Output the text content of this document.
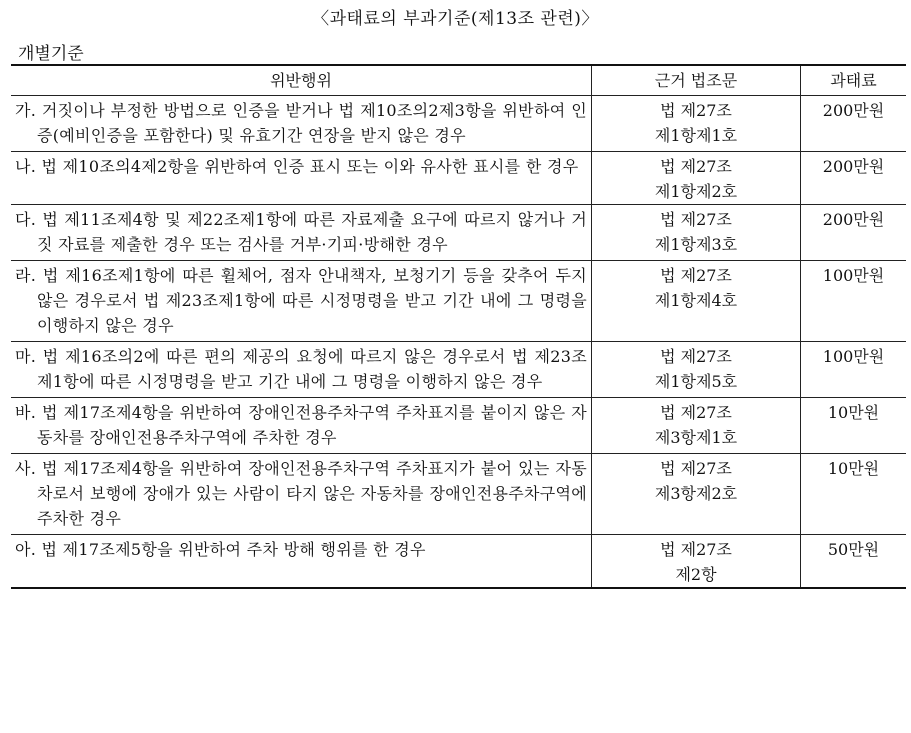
〈과태료의 부과기준(제13조 관련)〉
개별기준
위반행위	근거 법조문	과태료

가. 거짓이나 부정한 방법으로 인증을 받거나 법 제10조의2제3항을 위반하여 인증(예비인증을 포함한다) 및 유효기간 연장을 받지 않은 경우	법 제27조
제1항제1호	200만원

나. 법 제10조의4제2항을 위반하여 인증 표시 또는 이와 유사한 표시를 한 경우	법 제27조
제1항제2호	200만원

다. 법 제11조제4항 및 제22조제1항에 따른 자료제출 요구에 따르지 않거나 거짓 자료를 제출한 경우 또는 검사를 거부·기피·방해한 경우	법 제27조
제1항제3호	200만원

라. 법 제16조제1항에 따른 휠체어, 점자 안내책자, 보청기기 등을 갖추어 두지 않은 경우로서 법 제23조제1항에 따른 시정명령을 받고 기간 내에 그 명령을 이행하지 않은 경우	법 제27조
제1항제4호	100만원

마. 법 제16조의2에 따른 편의 제공의 요청에 따르지 않은 경우로서 법 제23조제1항에 따른 시정명령을 받고 기간 내에 그 명령을 이행하지 않은 경우	법 제27조
제1항제5호	100만원

바. 법 제17조제4항을 위반하여 장애인전용주차구역 주차표지를 붙이지 않은 자동차를 장애인전용주차구역에 주차한 경우	법 제27조
제3항제1호	10만원

사. 법 제17조제4항을 위반하여 장애인전용주차구역 주차표지가 붙어 있는 자동차로서 보행에 장애가 있는 사람이 타지 않은 자동차를 장애인전용주차구역에 주차한 경우	법 제27조
제3항제2호	10만원

아. 법 제17조제5항을 위반하여 주차 방해 행위를 한 경우	법 제27조
제2항	50만원
